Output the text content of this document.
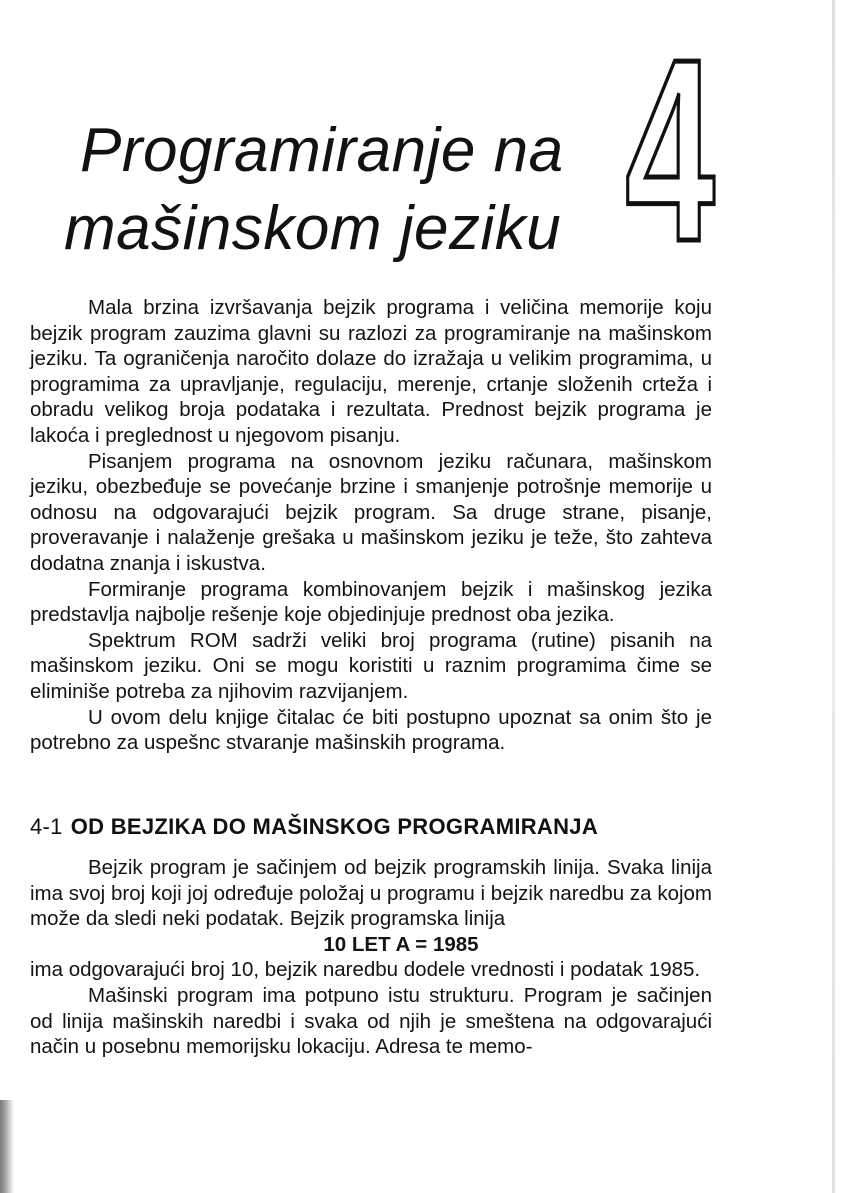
Programiranje na
mašinskom jeziku 4

Mala brzina izvršavanja bejzik programa i veličina memorije koju bejzik program zauzima glavni su razlozi za programiranje na mašinskom jeziku. Ta ograničenja naročito dolaze do izražaja u velikim programima, u programima za upravljanje, regulaciju, merenje, crtanje složenih crteža i obradu velikog broja podataka i rezultata. Prednost bejzik programa je lakoća i preglednost u njegovom pisanju.

Pisanjem programa na osnovnom jeziku računara, mašinskom jeziku, obezbeđuje se povećanje brzine i smanjenje potrošnje memorije u odnosu na odgovarajući bejzik program. Sa druge strane, pisanje, proveravanje i nalaženje grešaka u mašinskom jeziku je teže, što zahteva dodatna znanja i iskustva.

Formiranje programa kombinovanjem bejzik i mašinskog jezika predstavlja najbolje rešenje koje objedinjuje prednost oba jezika.

Spektrum ROM sadrži veliki broj programa (rutine) pisanih na mašinskom jeziku. Oni se mogu koristiti u raznim programima čime se eliminiše potreba za njihovim razvijanjem.

U ovom delu knjige čitalac će biti postupno upoznat sa onim što je potrebno za uspešnc stvaranje mašinskih programa.

4-1 OD BEJZIKA DO MAŠINSKOG PROGRAMIRANJA

Bejzik program je sačinjem od bejzik programskih linija. Svaka linija ima svoj broj koji joj određuje položaj u programu i bejzik naredbu za kojom može da sledi neki podatak. Bejzik programska linija

10 LET A = 1985

ima odgovarajući broj 10, bejzik naredbu dodele vrednosti i podatak 1985.

Mašinski program ima potpuno istu strukturu. Program je sačinjen od linija mašinskih naredbi i svaka od njih je smeštena na odgovarajući način u posebnu memorijsku lokaciju. Adresa te memo-
